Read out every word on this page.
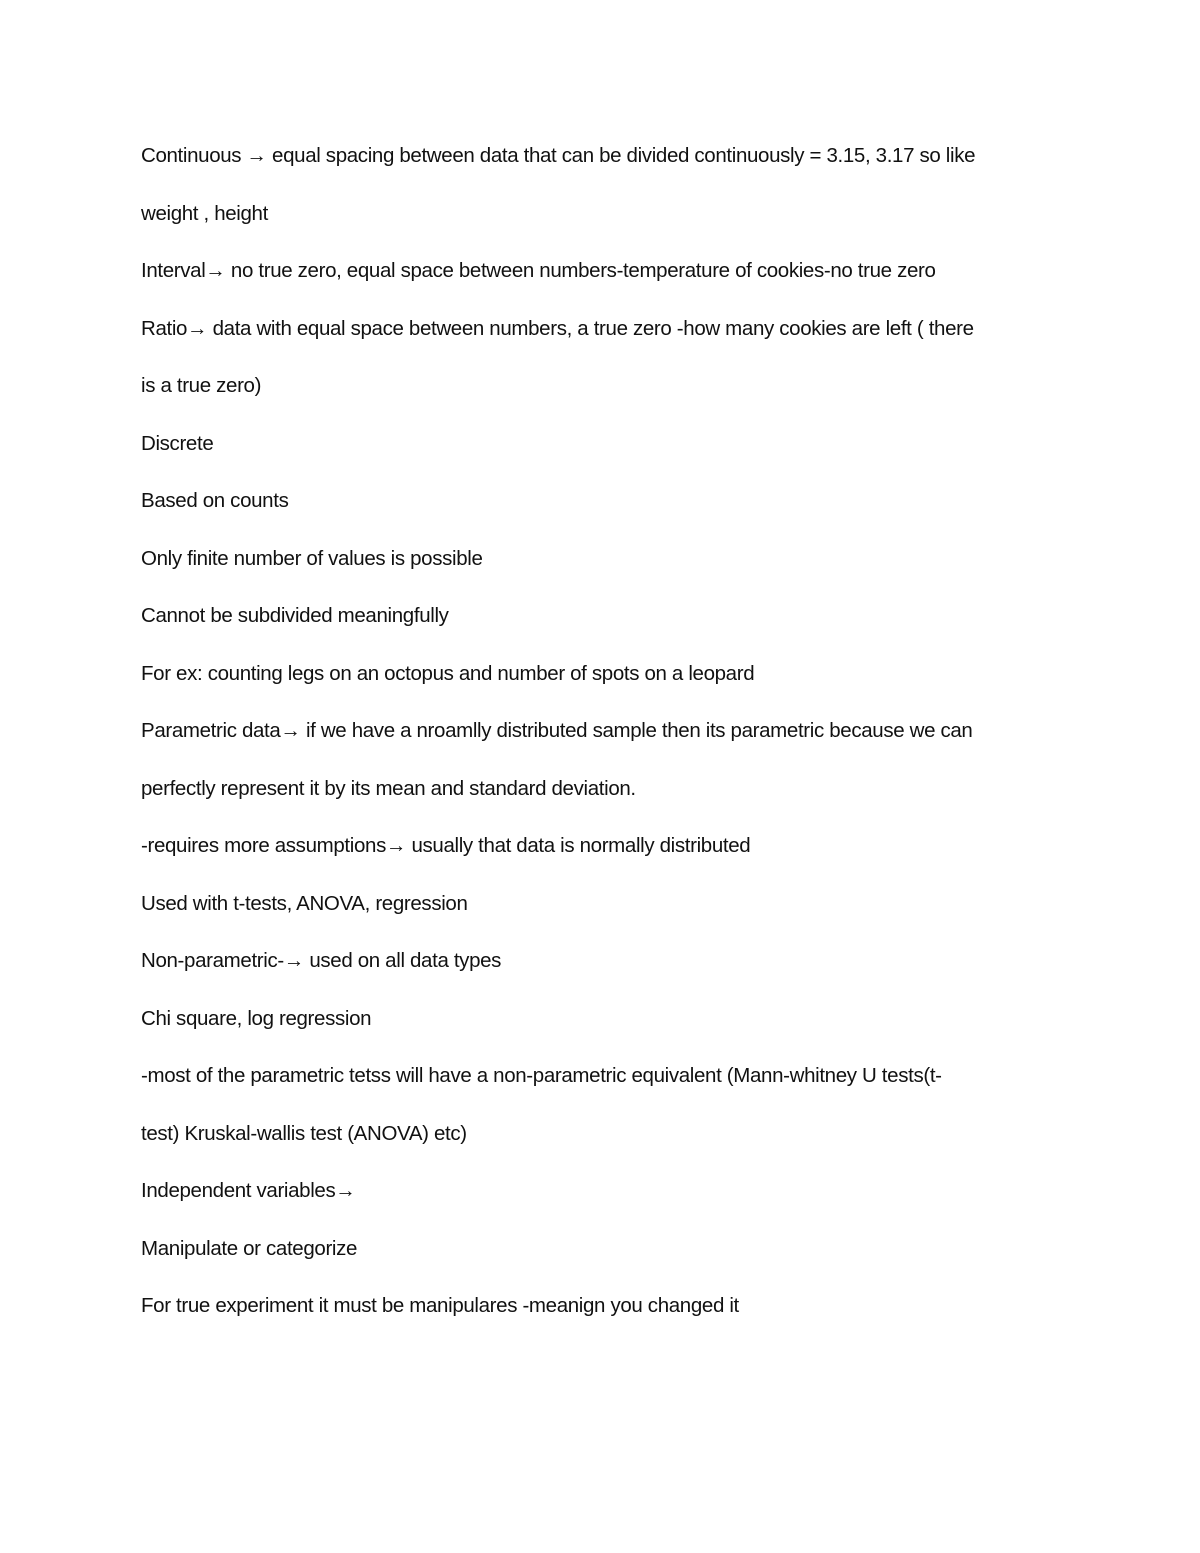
Continuous → equal spacing between data that can be divided continuously = 3.15, 3.17 so like
weight , height
Interval→ no true zero, equal space between numbers-temperature of cookies-no true zero
Ratio→ data with equal space between numbers, a true zero -how many cookies are left ( there
is a true zero)
Discrete
Based on counts
Only finite number of values is possible
Cannot be subdivided meaningfully
For ex: counting legs on an octopus and number of spots on a leopard
Parametric data→ if we have a nroamlly distributed sample then its parametric because we can
perfectly represent it by its mean and standard deviation.
-requires more assumptions→ usually that data is normally distributed
Used with t-tests, ANOVA, regression
Non-parametric-→ used on all data types
Chi square, log regression
-most of the parametric tetss will have a non-parametric equivalent (Mann-whitney U tests(t-
test) Kruskal-wallis test (ANOVA) etc)
Independent variables→
Manipulate or categorize
For true experiment it must be manipulares -meanign you changed it
